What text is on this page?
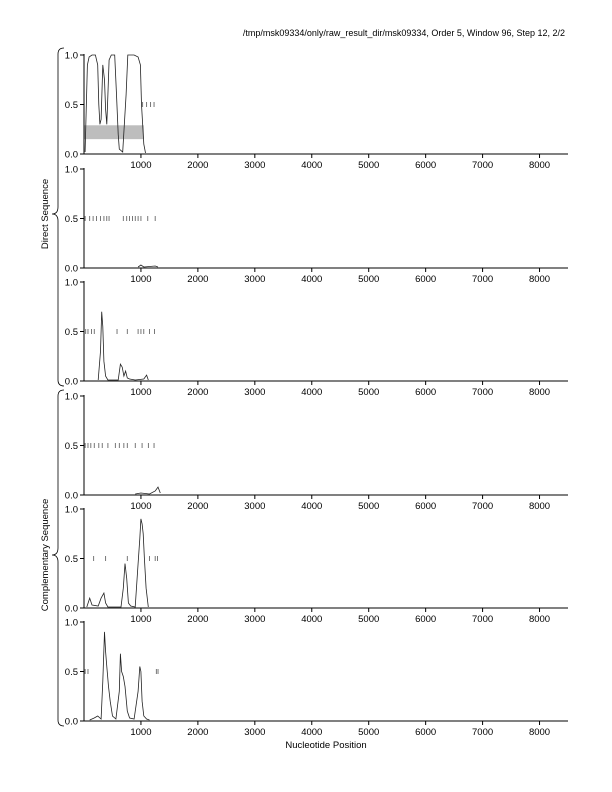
/tmp/msk09334/only/raw_result_dir/msk09334, Order 5, Window 96, Step 12, 2/2
Nucleotide Position
Direct Sequence
Complementary Sequence
0.0
0.5
1.0
1000	2000	3000	4000	5000	6000	7000	8000
0.0
0.5
1.0
1000	2000	3000	4000	5000	6000	7000	8000
0.0
0.5
1.0
1000	2000	3000	4000	5000	6000	7000	8000
0.0
0.5
1.0
1000	2000	3000	4000	5000	6000	7000	8000
0.0
0.5
1.0
1000	2000	3000	4000	5000	6000	7000	8000
0.0
0.5
1.0
1000	2000	3000	4000	5000	6000	7000	8000
